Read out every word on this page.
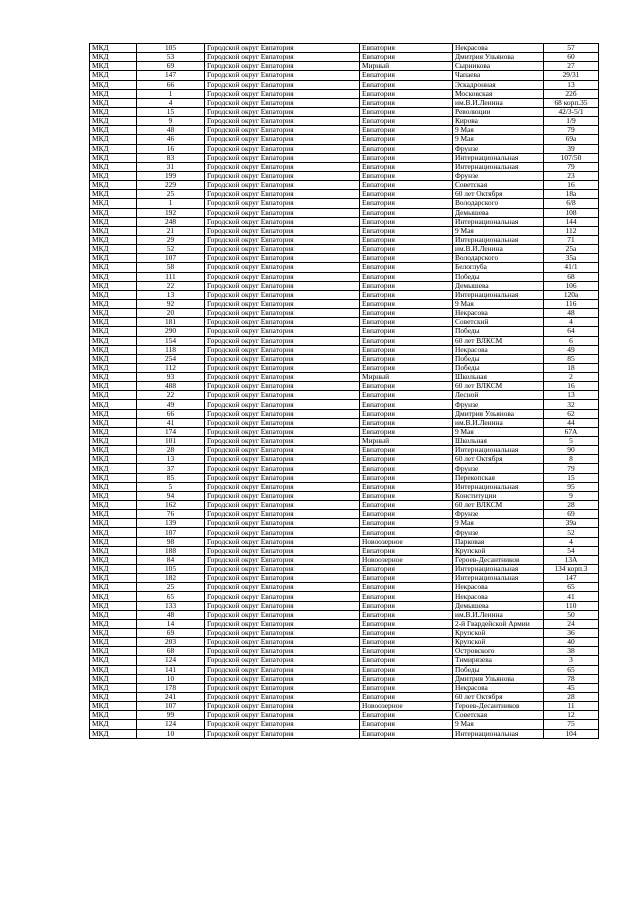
МКД	105	Городской округ Евпатория	Евпатория	Некрасова	57
МКД	53	Городской округ Евпатория	Евпатория	Дмитрия Ульянова	60
МКД	69	Городской округ Евпатория	Мирный	Сырникова	27
МКД	147	Городской округ Евпатория	Евпатория	Чапаева	29/31
МКД	66	Городской округ Евпатория	Евпатория	Эскадронная	13
МКД	1	Городской округ Евпатория	Евпатория	Московская	22б
МКД	4	Городской округ Евпатория	Евпатория	им.В.И.Ленина	68 корп.35
МКД	15	Городской округ Евпатория	Евпатория	Революции	42/3-5/1
МКД	9	Городской округ Евпатория	Евпатория	Кирова	1/9
МКД	48	Городской округ Евпатория	Евпатория	9 Мая	79
МКД	46	Городской округ Евпатория	Евпатория	9 Мая	69а
МКД	16	Городской округ Евпатория	Евпатория	Фрунзе	39
МКД	83	Городской округ Евпатория	Евпатория	Интернациональная	107/50
МКД	31	Городской округ Евпатория	Евпатория	Интернациональная	79
МКД	199	Городской округ Евпатория	Евпатория	Фрунзе	23
МКД	229	Городской округ Евпатория	Евпатория	Советская	16
МКД	25	Городской округ Евпатория	Евпатория	60 лет Октября	18а
МКД	1	Городской округ Евпатория	Евпатория	Володарского	6/8
МКД	192	Городской округ Евпатория	Евпатория	Демышева	108
МКД	248	Городской округ Евпатория	Евпатория	Интернациональная	144
МКД	21	Городской округ Евпатория	Евпатория	9 Мая	112
МКД	29	Городской округ Евпатория	Евпатория	Интернациональная	71
МКД	52	Городской округ Евпатория	Евпатория	им.В.И.Ленина	25а
МКД	107	Городской округ Евпатория	Евпатория	Володарского	35а
МКД	58	Городской округ Евпатория	Евпатория	Белоглуба	41/1
МКД	111	Городской округ Евпатория	Евпатория	Победы	68
МКД	22	Городской округ Евпатория	Евпатория	Демышева	106
МКД	13	Городской округ Евпатория	Евпатория	Интернациональная	120а
МКД	92	Городской округ Евпатория	Евпатория	9 Мая	116
МКД	20	Городской округ Евпатория	Евпатория	Некрасова	48
МКД	181	Городской округ Евпатория	Евпатория	Советский	4
МКД	290	Городской округ Евпатория	Евпатория	Победы	64
МКД	154	Городской округ Евпатория	Евпатория	60 лет ВЛКСМ	6
МКД	118	Городской округ Евпатория	Евпатория	Некрасова	49
МКД	254	Городской округ Евпатория	Евпатория	Победы	85
МКД	112	Городской округ Евпатория	Евпатория	Победы	18
МКД	93	Городской округ Евпатория	Мирный	Школьная	2
МКД	488	Городской округ Евпатория	Евпатория	60 лет ВЛКСМ	16
МКД	22	Городской округ Евпатория	Евпатория	Лесной	13
МКД	49	Городской округ Евпатория	Евпатория	Фрунзе	32
МКД	66	Городской округ Евпатория	Евпатория	Дмитрия Ульянова	62
МКД	41	Городской округ Евпатория	Евпатория	им.В.И.Ленина	44
МКД	174	Городской округ Евпатория	Евпатория	9 Мая	67А
МКД	101	Городской округ Евпатория	Мирный	Школьная	5
МКД	28	Городской округ Евпатория	Евпатория	Интернациональная	90
МКД	13	Городской округ Евпатория	Евпатория	60 лет Октября	8
МКД	37	Городской округ Евпатория	Евпатория	Фрунзе	79
МКД	85	Городской округ Евпатория	Евпатория	Перекопская	15
МКД	5	Городской округ Евпатория	Евпатория	Интернациональная	95
МКД	94	Городской округ Евпатория	Евпатория	Конституции	9
МКД	162	Городской округ Евпатория	Евпатория	60 лет ВЛКСМ	28
МКД	76	Городской округ Евпатория	Евпатория	Фрунзе	69
МКД	139	Городской округ Евпатория	Евпатория	9 Мая	39а
МКД	107	Городской округ Евпатория	Евпатория	Фрунзе	52
МКД	98	Городской округ Евпатория	Новоозерное	Парковая	4
МКД	188	Городской округ Евпатория	Евпатория	Крупской	54
МКД	84	Городской округ Евпатория	Новоозерное	Героев-Десантников	13А
МКД	105	Городской округ Евпатория	Евпатория	Интернациональная	134 корп.3
МКД	182	Городской округ Евпатория	Евпатория	Интернациональная	147
МКД	25	Городской округ Евпатория	Евпатория	Некрасова	65
МКД	65	Городской округ Евпатория	Евпатория	Некрасова	41
МКД	133	Городской округ Евпатория	Евпатория	Демышева	110
МКД	48	Городской округ Евпатория	Евпатория	им.В.И.Ленина	50
МКД	14	Городской округ Евпатория	Евпатория	2-й Гвардейской Армии	24
МКД	69	Городской округ Евпатория	Евпатория	Крупской	36
МКД	203	Городской округ Евпатория	Евпатория	Крупской	40
МКД	68	Городской округ Евпатория	Евпатория	Островского	38
МКД	124	Городской округ Евпатория	Евпатория	Тимирязева	3
МКД	141	Городской округ Евпатория	Евпатория	Победы	65
МКД	10	Городской округ Евпатория	Евпатория	Дмитрия Ульянова	78
МКД	178	Городской округ Евпатория	Евпатория	Некрасова	45
МКД	241	Городской округ Евпатория	Евпатория	60 лет Октября	28
МКД	107	Городской округ Евпатория	Новоозерное	Героев-Десантников	11
МКД	99	Городской округ Евпатория	Евпатория	Советская	12
МКД	124	Городской округ Евпатория	Евпатория	9 Мая	75
МКД	10	Городской округ Евпатория	Евпатория	Интернациональная	104
